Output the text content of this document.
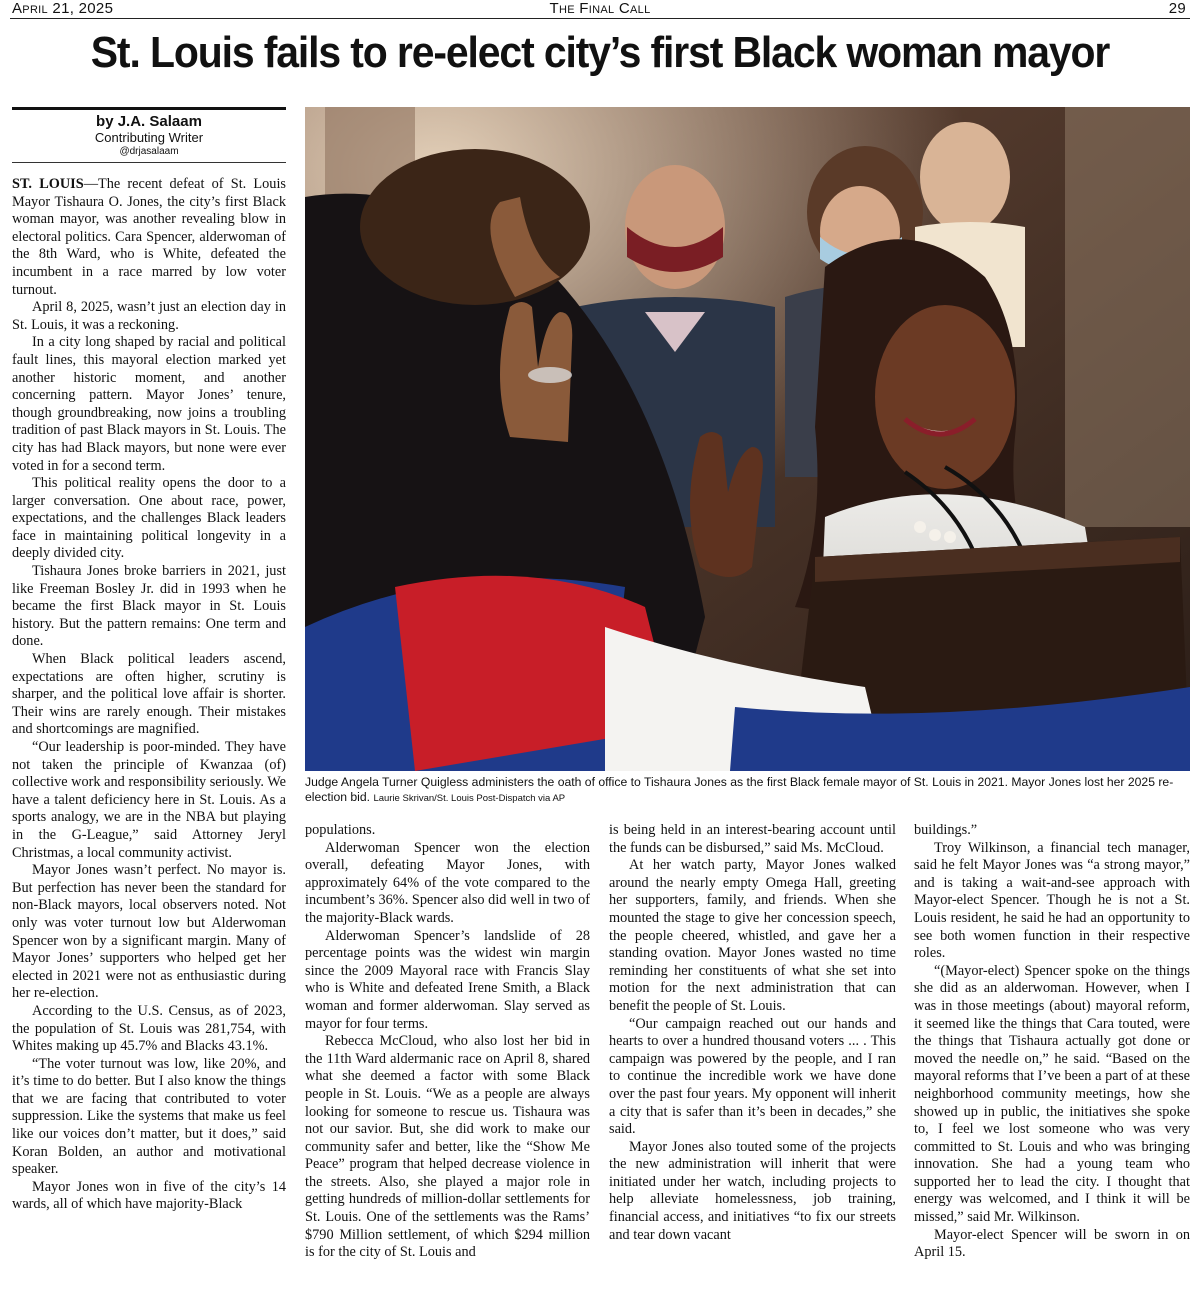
April 21, 2025	The Final Call	29
St. Louis fails to re-elect city’s first Black woman mayor
by J.A. Salaam
Contributing Writer
@drjasalaam

ST. LOUIS—The recent defeat of St. Louis Mayor Tishaura O. Jones, the city’s first Black woman mayor, was another revealing blow in electoral politics. Cara Spencer, alderwoman of the 8th Ward, who is White, defeated the incumbent in a race marred by low voter turnout.

April 8, 2025, wasn’t just an election day in St. Louis, it was a reckoning.

In a city long shaped by racial and political fault lines, this mayoral election marked yet another historic moment, and another concerning pattern. Mayor Jones’ tenure, though groundbreaking, now joins a troubling tradition of past Black mayors in St. Louis. The city has had Black mayors, but none were ever voted in for a second term.

This political reality opens the door to a larger conversation. One about race, power, expectations, and the challenges Black leaders face in maintaining political longevity in a deeply divided city.

Tishaura Jones broke barriers in 2021, just like Freeman Bosley Jr. did in 1993 when he became the first Black mayor in St. Louis history. But the pattern remains: One term and done.

When Black political leaders ascend, expectations are often higher, scrutiny is sharper, and the political love affair is shorter. Their wins are rarely enough. Their mistakes and shortcomings are magnified.

“Our leadership is poor-minded. They have not taken the principle of Kwanzaa (of) collective work and responsibility seriously. We have a talent deficiency here in St. Louis. As a sports analogy, we are in the NBA but playing in the G-League,” said Attorney Jeryl Christmas, a local community activist.

Mayor Jones wasn’t perfect. No mayor is. But perfection has never been the standard for non-Black mayors, local observers noted. Not only was voter turnout low but Alderwoman Spencer won by a significant margin. Many of Mayor Jones’ supporters who helped get her elected in 2021 were not as enthusiastic during her re-election.

According to the U.S. Census, as of 2023, the population of St. Louis was 281,754, with Whites making up 45.7% and Blacks 43.1%.

“The voter turnout was low, like 20%, and it’s time to do better. But I also know the things that we are facing that contributed to voter suppression. Like the systems that make us feel like our voices don’t matter, but it does,” said Koran Bolden, an author and motivational speaker.

Mayor Jones won in five of the city’s 14 wards, all of which have majority-Black

Judge Angela Turner Quigless administers the oath of office to Tishaura Jones as the first Black female mayor of St. Louis in 2021. Mayor Jones lost her 2025 re-election bid. Laurie Skrivan/St. Louis Post-Dispatch via AP

populations.

Alderwoman Spencer won the election overall, defeating Mayor Jones, with approximately 64% of the vote compared to the incumbent’s 36%. Spencer also did well in two of the majority-Black wards.

Alderwoman Spencer’s landslide of 28 percentage points was the widest win margin since the 2009 Mayoral race with Francis Slay who is White and defeated Irene Smith, a Black woman and former alderwoman. Slay served as mayor for four terms.

Rebecca McCloud, who also lost her bid in the 11th Ward aldermanic race on April 8, shared what she deemed a factor with some Black people in St. Louis. “We as a people are always looking for someone to rescue us. Tishaura was not our savior. But, she did work to make our community safer and better, like the “Show Me Peace” program that helped decrease violence in the streets. Also, she played a major role in getting hundreds of million-dollar settlements for St. Louis. One of the settlements was the Rams’ $790 Million settlement, of which $294 million is for the city of St. Louis and

is being held in an interest-bearing account until the funds can be disbursed,” said Ms. McCloud.

At her watch party, Mayor Jones walked around the nearly empty Omega Hall, greeting her supporters, family, and friends. When she mounted the stage to give her concession speech, the people cheered, whistled, and gave her a standing ovation. Mayor Jones wasted no time reminding her constituents of what she set into motion for the next administration that can benefit the people of St. Louis.

“Our campaign reached out our hands and hearts to over a hundred thousand voters ... . This campaign was powered by the people, and I ran to continue the incredible work we have done over the past four years. My opponent will inherit a city that is safer than it’s been in decades,” she said.

Mayor Jones also touted some of the projects the new administration will inherit that were initiated under her watch, including projects to help alleviate homelessness, job training, financial access, and initiatives “to fix our streets and tear down vacant

buildings.”

Troy Wilkinson, a financial tech manager, said he felt Mayor Jones was “a strong mayor,” and is taking a wait-and-see approach with Mayor-elect Spencer. Though he is not a St. Louis resident, he said he had an opportunity to see both women function in their respective roles.

“(Mayor-elect) Spencer spoke on the things she did as an alderwoman. However, when I was in those meetings (about) mayoral reform, it seemed like the things that Cara touted, were the things that Tishaura actually got done or moved the needle on,” he said. “Based on the mayoral reforms that I’ve been a part of at these neighborhood community meetings, how she showed up in public, the initiatives she spoke to, I feel we lost someone who was very committed to St. Louis and who was bringing innovation. She had a young team who supported her to lead the city. I thought that energy was welcomed, and I think it will be missed,” said Mr. Wilkinson.

Mayor-elect Spencer will be sworn in on April 15.
